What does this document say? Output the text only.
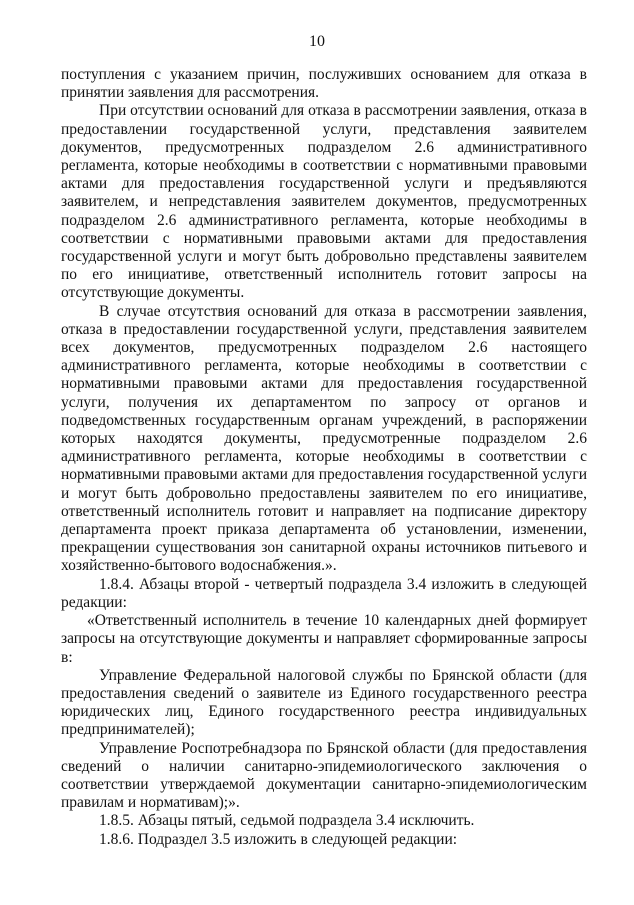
10

поступления с указанием причин, послуживших основанием для отказа в принятии заявления для рассмотрения.

При отсутствии оснований для отказа в рассмотрении заявления, отказа в предоставлении государственной услуги, представления заявителем документов, предусмотренных подразделом 2.6 административного регламента, которые необходимы в соответствии с нормативными правовыми актами для предоставления государственной услуги и предъявляются заявителем, и непредставления заявителем документов, предусмотренных подразделом 2.6 административного регламента, которые необходимы в соответствии с нормативными правовыми актами для предоставления государственной услуги и могут быть добровольно представлены заявителем по его инициативе, ответственный исполнитель готовит запросы на отсутствующие документы.

В случае отсутствия оснований для отказа в рассмотрении заявления, отказа в предоставлении государственной услуги, представления заявителем всех документов, предусмотренных подразделом 2.6 настоящего административного регламента, которые необходимы в соответствии с нормативными правовыми актами для предоставления государственной услуги, получения их департаментом по запросу от органов и подведомственных государственным органам учреждений, в распоряжении которых находятся документы, предусмотренные подразделом 2.6 административного регламента, которые необходимы в соответствии с нормативными правовыми актами для предоставления государственной услуги и могут быть добровольно предоставлены заявителем по его инициативе, ответственный исполнитель готовит и направляет на подписание директору департамента проект приказа департамента об установлении, изменении, прекращении существования зон санитарной охраны источников питьевого и хозяйственно-бытового водоснабжения.».

1.8.4. Абзацы второй - четвертый подраздела 3.4 изложить в следующей редакции:

«Ответственный исполнитель в течение 10 календарных дней формирует запросы на отсутствующие документы и направляет сформированные запросы в:

Управление Федеральной налоговой службы по Брянской области (для предоставления сведений о заявителе из Единого государственного реестра юридических лиц, Единого государственного реестра индивидуальных предпринимателей);

Управление Роспотребнадзора по Брянской области (для предоставления сведений о наличии санитарно-эпидемиологического заключения о соответствии утверждаемой документации санитарно-эпидемиологическим правилам и нормативам);».

1.8.5. Абзацы пятый, седьмой подраздела 3.4 исключить.

1.8.6. Подраздел 3.5 изложить в следующей редакции:
